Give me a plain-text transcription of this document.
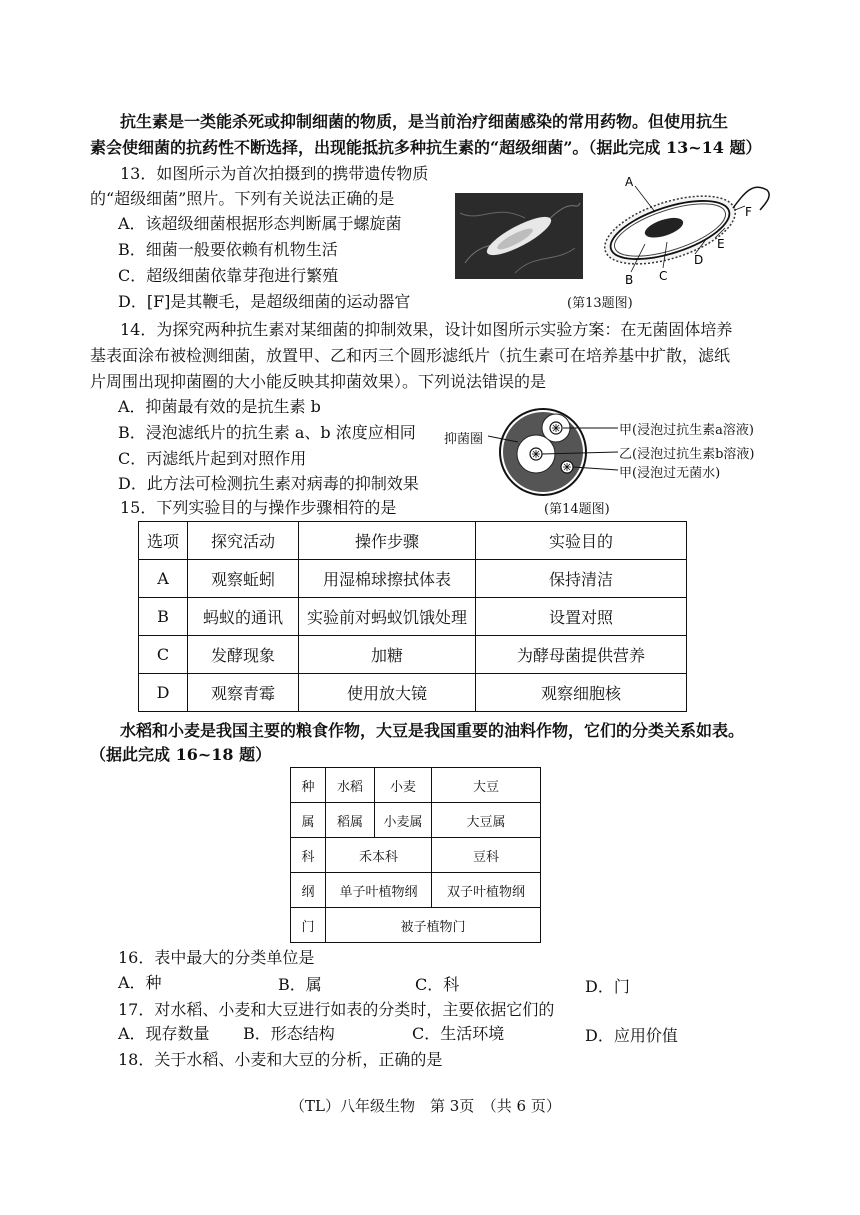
抗生素是一类能杀死或抑制细菌的物质，是当前治疗细菌感染的常用药物。但使用抗生
素会使细菌的抗药性不断选择，出现能抵抗多种抗生素的“超级细菌”。（据此完成 13~14 题）
13．如图所示为首次拍摄到的携带遗传物质
的“超级细菌”照片。下列有关说法正确的是
A．该超级细菌根据形态判断属于螺旋菌
B．细菌一般要依赖有机物生活
C．超级细菌依靠芽孢进行繁殖
D．[F]是其鞭毛，是超级细菌的运动器官
A
B C
D
E
F
(第13题图)
14．为探究两种抗生素对某细菌的抑制效果，设计如图所示实验方案：在无菌固体培养
基表面涂布被检测细菌，放置甲、乙和丙三个圆形滤纸片（抗生素可在培养基中扩散，滤纸
片周围出现抑菌圈的大小能反映其抑菌效果）。下列说法错误的是
A．抑菌最有效的是抗生素 b
B．浸泡滤纸片的抗生素 a、b 浓度应相同
C．丙滤纸片起到对照作用
D．此方法可检测抗生素对病毒的抑制效果
抑菌圈
甲(浸泡过抗生素a溶液)
乙(浸泡过抗生素b溶液)
甲(浸泡过无菌水)
(第14题图)
15．下列实验目的与操作步骤相符的是
选项	探究活动	操作步骤	实验目的
A	观察蚯蚓	用湿棉球擦拭体表	保持清洁
B	蚂蚁的通讯	实验前对蚂蚁饥饿处理	设置对照
C	发酵现象	加糖	为酵母菌提供营养
D	观察青霉	使用放大镜	观察细胞核
水稻和小麦是我国主要的粮食作物，大豆是我国重要的油料作物，它们的分类关系如表。
（据此完成 16~18 题）
种	水稻	小麦	大豆
属	稻属	小麦属	大豆属
科	禾本科		豆科
纲	单子叶植物纲		双子叶植物纲
门	被子植物门		
16．表中最大的分类单位是
A．种	B．属	C．科	D．门
17．对水稻、小麦和大豆进行如表的分类时，主要依据它们的
A．现存数量 B．形态结构	C．生活环境	D．应用价值
18．关于水稻、小麦和大豆的分析，正确的是
（TL）八年级生物　第 3页　（共 6 页）
